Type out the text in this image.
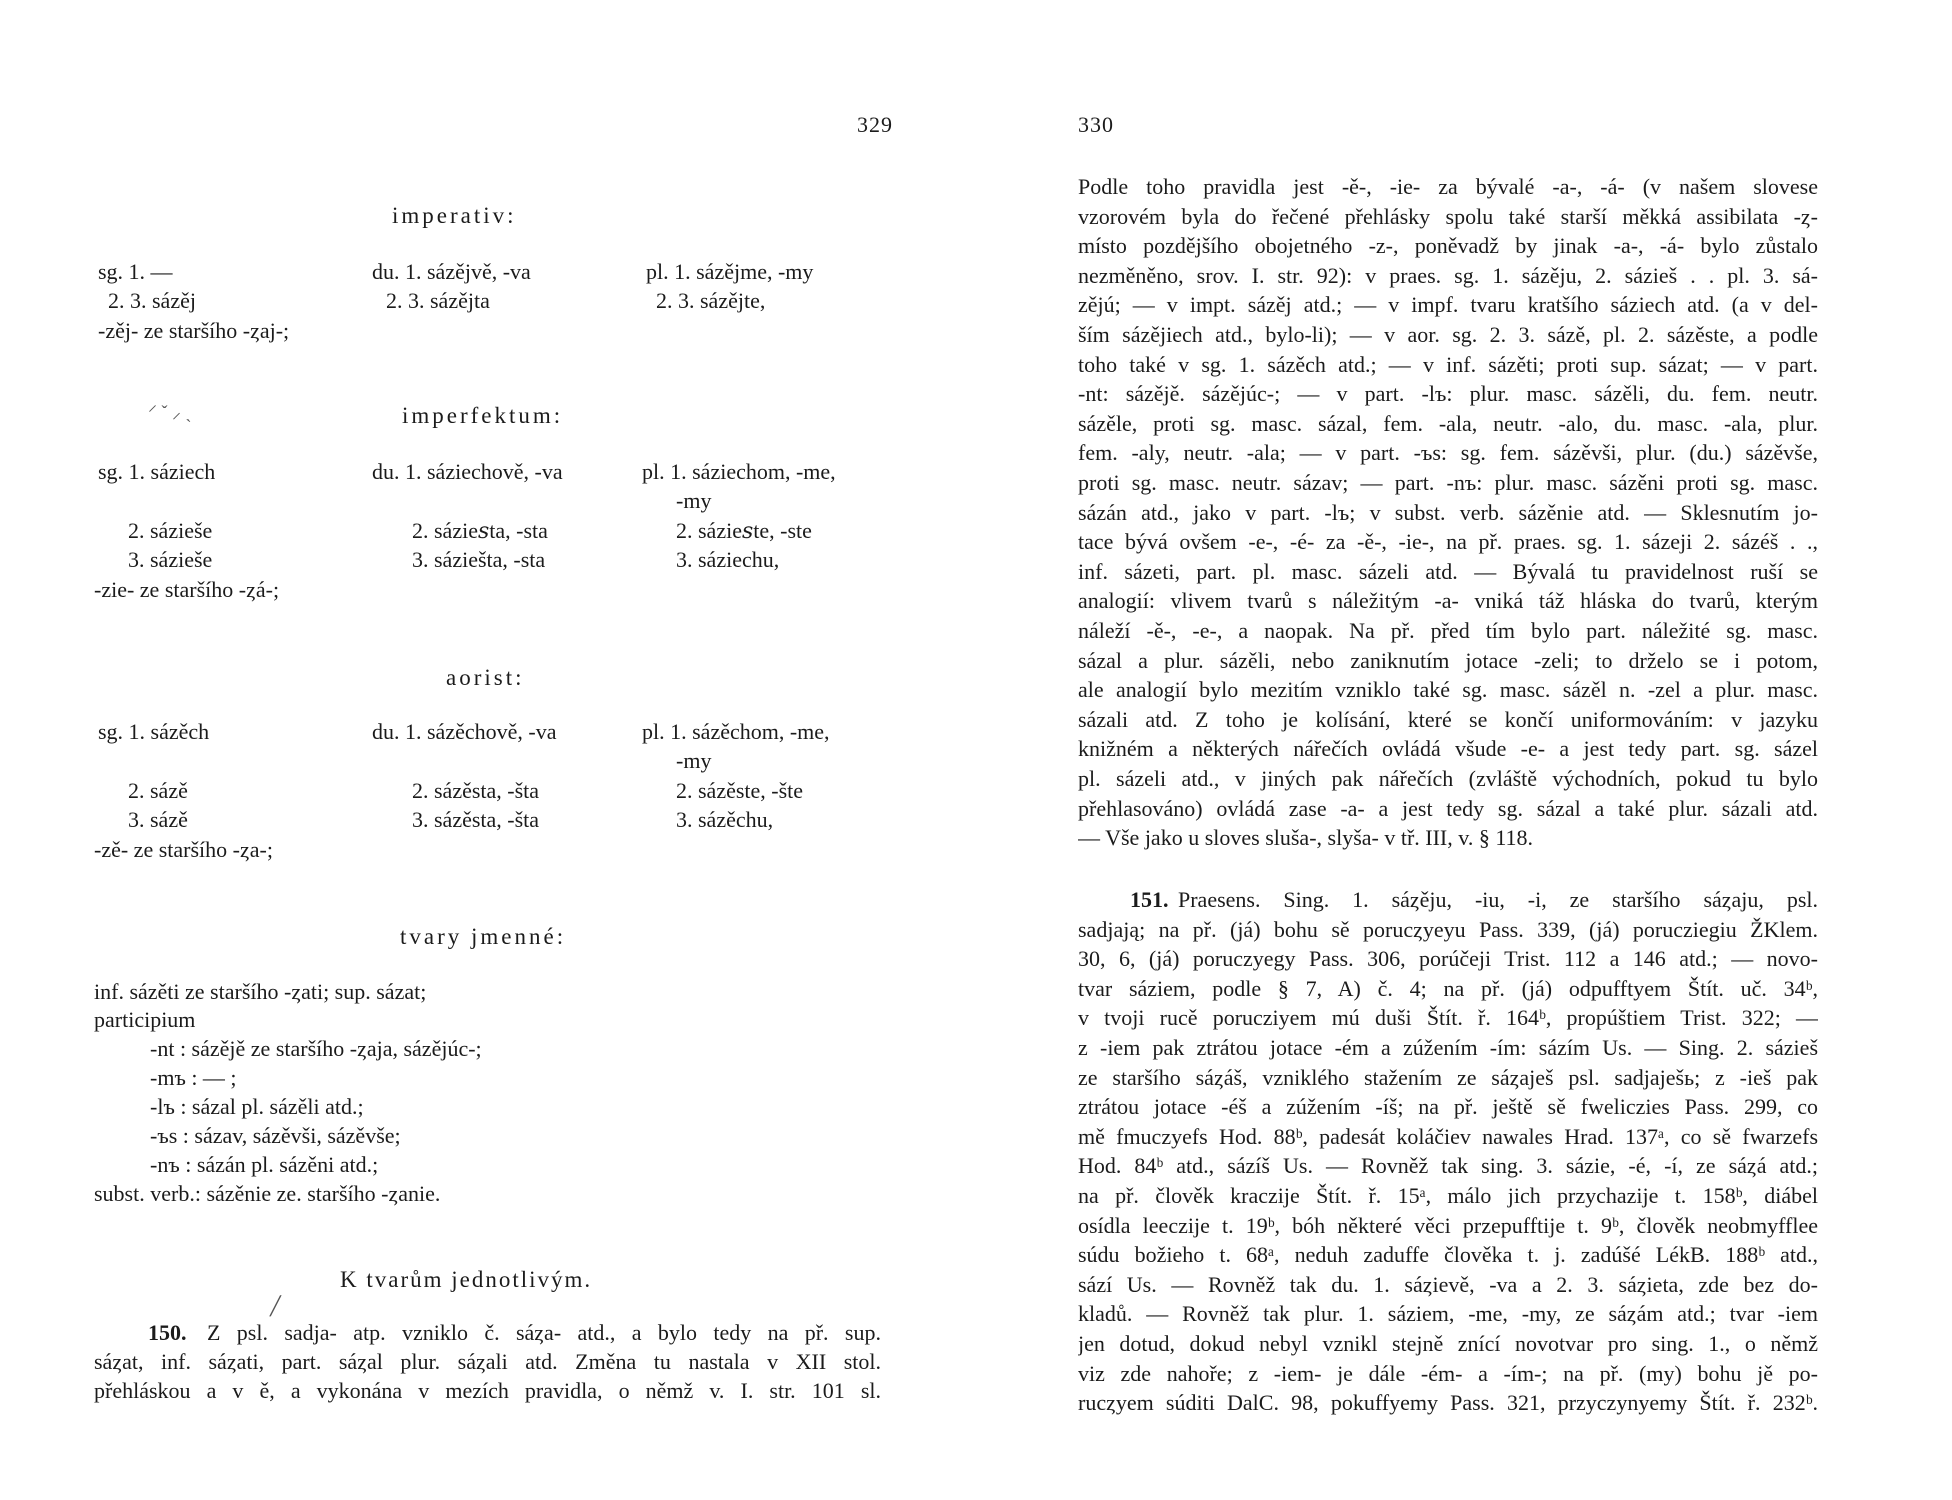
329
imperativ:
sg. 1. —	du. 1. sázějvě, -va	pl. 1. sázějme, -my
2. 3. sázěj	2. 3. sázějta	2. 3. sázějte,
-zěj- ze staršího -ȥaj-;
⸍ ˇ ⸝ ˏ	imperfektum:
sg. 1. sáziech	du. 1. sáziechově, -va	pl. 1. sáziechom, -me,
-my
2. sázieše	2. sázie𝑠ta, -sta	2. sázie𝑠te, -ste
3. sázieše	3. sáziešta, -sta	3. sáziechu,
-zie- ze staršího -ȥá-;
aorist:
sg. 1. sázěch	du. 1. sázěchově, -va	pl. 1. sázěchom, -me,
-my
2. sázě	2. sázěsta, -šta	2. sázěste, -šte
3. sázě	3. sázěsta, -šta	3. sázěchu,
-zě- ze staršího -ȥa-;
tvary jmenné:
inf. sázěti ze staršího -ȥati; sup. sázat;
participium
-nt : sázějě ze staršího -ȥaja, sázějúc-;
-mъ : — ;
-lъ : sázal pl. sázěli atd.;
-ъs : sázav, sázěvši, sázěvše;
-nъ : sázán pl. sázěni atd.;
subst. verb.: sázěnie ze. staršího -ȥanie.
K tvarům jednotlivým.
╱
150. Z psl. sadja- atp. vzniklo č. sáȥa- atd., a bylo tedy na př. sup.
sáȥat, inf. sáȥati, part. sáȥal plur. sáȥali atd. Změna tu nastala v XII stol.
přehláskou a v ě, a vykonána v mezích pravidla, o němž v. I. str. 101 sl.
330
Podle toho pravidla jest -ě-, -ie- za bývalé -a-, -á- (v našem slovese
vzorovém byla do řečené přehlásky spolu také starší měkká assibilata -ȥ-
místo pozdějšího obojetného -z-, poněvadž by jinak -a-, -á- bylo zůstalo
nezměněno, srov. I. str. 92): v praes. sg. 1. sázěju, 2. sázieš . . pl. 3. sá-
zějú; — v impt. sázěj atd.; — v impf. tvaru kratšího sáziech atd. (a v del-
ším sázějiech atd., bylo-li); — v aor. sg. 2. 3. sázě, pl. 2. sázěste, a podle
toho také v sg. 1. sázěch atd.; — v inf. sázěti; proti sup. sázat; — v part.
-nt: sázějě. sázějúc-; — v part. -lъ: plur. masc. sázěli, du. fem. neutr.
sázěle, proti sg. masc. sázal, fem. -ala, neutr. -alo, du. masc. -ala, plur.
fem. -aly, neutr. -ala; — v part. -ъs: sg. fem. sázěvši, plur. (du.) sázěvše,
proti sg. masc. neutr. sázav; — part. -nъ: plur. masc. sázěni proti sg. masc.
sázán atd., jako v part. -lъ; v subst. verb. sázěnie atd. — Sklesnutím jo-
tace bývá ovšem -e-, -é- za -ě-, -ie-, na př. praes. sg. 1. sázeji 2. sázéš . .,
inf. sázeti, part. pl. masc. sázeli atd. — Bývalá tu pravidelnost ruší se
analogií: vlivem tvarů s náležitým -a- vniká táž hláska do tvarů, kterým
náleží -ě-, -e-, a naopak. Na př. před tím bylo part. náležité sg. masc.
sázal a plur. sázěli, nebo zaniknutím jotace -zeli; to drželo se i potom,
ale analogií bylo mezitím vzniklo také sg. masc. sázěl n. -zel a plur. masc.
sázali atd. Z toho je kolísání, které se končí uniformováním: v jazyku
knižném a některých nářečích ovládá všude -e- a jest tedy part. sg. sázel
pl. sázeli atd., v jiných pak nářečích (zvláště východních, pokud tu bylo
přehlasováno) ovládá zase -a- a jest tedy sg. sázal a také plur. sázali atd.
— Vše jako u sloves sluša-, slyša- v tř. III, v. § 118.
151. Praesens. Sing. 1. sáȥěju, -iu, -i, ze staršího sáȥaju, psl.
sadjają; na př. (já) bohu sě porucȥyeyu Pass. 339, (já) porucziegiu ŽKlem.
30, 6, (já) poruczyegy Pass. 306, porúčeji Trist. 112 a 146 atd.; — novo-
tvar sáziem, podle § 7, A) č. 4; na př. (já) odpufftyem Štít. uč. 34ᵇ,
v tvoji rucě porucziyem mú duši Štít. ř. 164ᵇ, propúštiem Trist. 322; —
z -iem pak ztrátou jotace -ém a zúžením -ím: sázím Us. — Sing. 2. sázieš
ze staršího sáȥáš, vzniklého stažením ze sáȥaješ psl. sadjaješь; z -ieš pak
ztrátou jotace -éš a zúžením -íš; na př. ještě sě fweliczies Pass. 299, co
mě fmuczyefs Hod. 88ᵇ, padesát koláčiev nawales Hrad. 137ᵃ, co sě fwarzefs
Hod. 84ᵇ atd., sázíš Us. — Rovněž tak sing. 3. sázie, -é, -í, ze sáȥá atd.;
na př. člověk kraczije Štít. ř. 15ᵃ, málo jich przychazije t. 158ᵇ, diábel
osídla leeczije t. 19ᵇ, bóh některé věci przepufftije t. 9ᵇ, člověk neobmyfflee
súdu božieho t. 68ᵃ, neduh zaduffe člověka t. j. zadúšé LékB. 188ᵇ atd.,
sází Us. — Rovněž tak du. 1. sáȥievě, -va a 2. 3. sáȥieta, zde bez do-
kladů. — Rovněž tak plur. 1. sáziem, -me, -my, ze sáȥám atd.; tvar -iem
jen dotud, dokud nebyl vznikl stejně znící novotvar pro sing. 1., o němž
viz zde nahoře; z -iem- je dále -ém- a -ím-; na př. (my) bohu jě po-
rucȥyem súditi DalC. 98, pokuffyemy Pass. 321, przyczynyemy Štít. ř. 232ᵇ.
